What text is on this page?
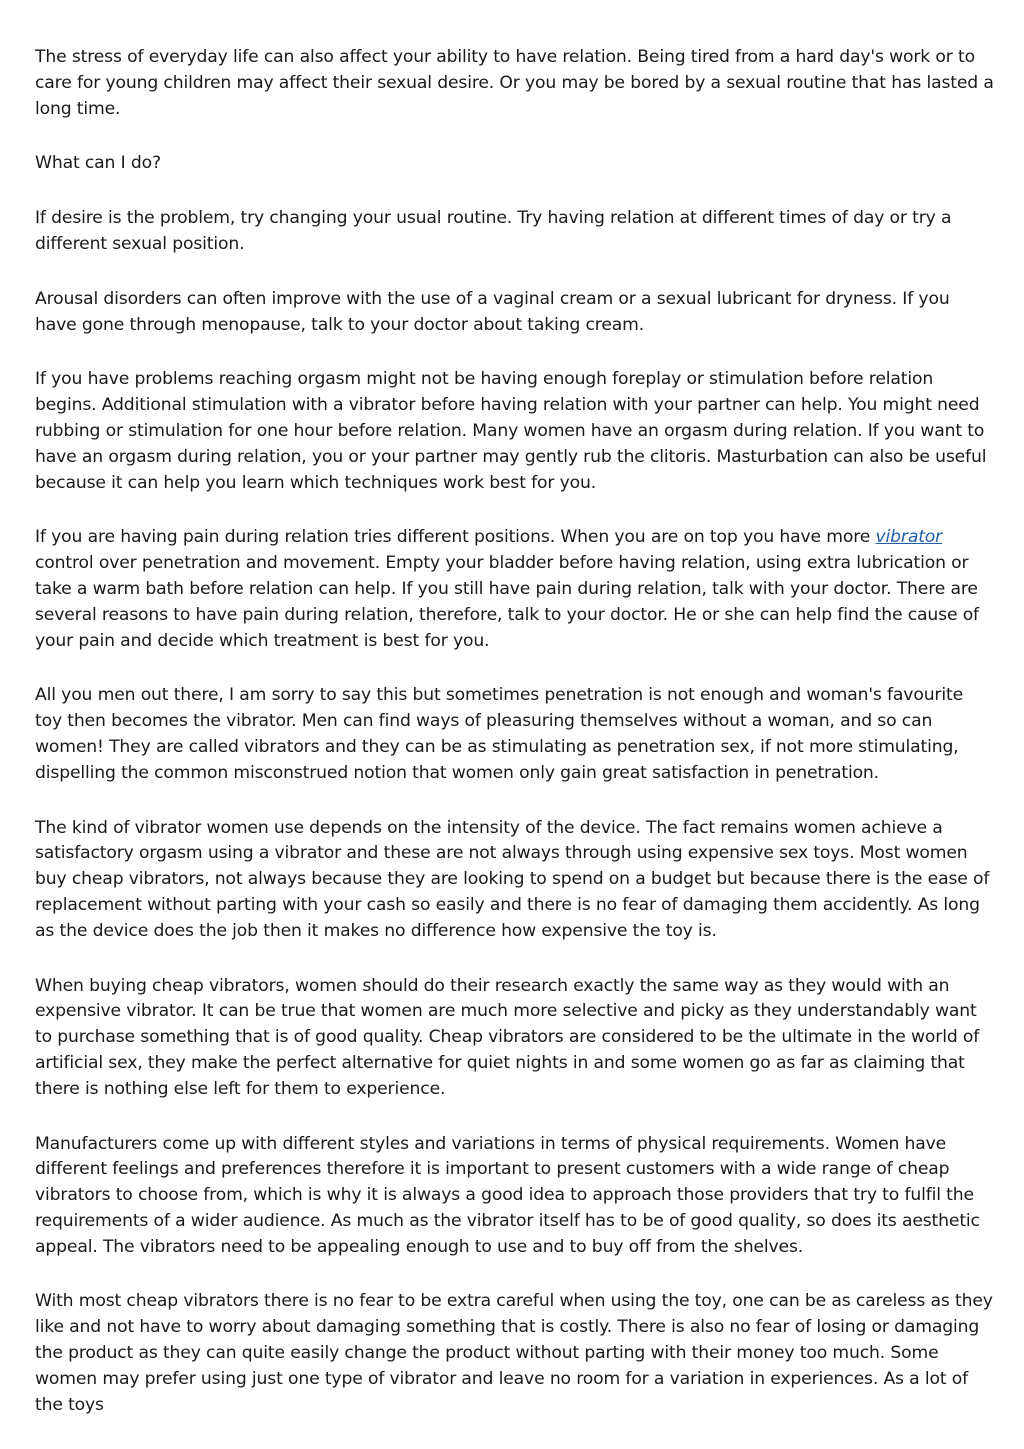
The stress of everyday life can also affect your ability to have relation. Being tired from a hard day's work or to care for young children may affect their sexual desire. Or you may be bored by a sexual routine that has lasted a long time.

What can I do?

If desire is the problem, try changing your usual routine. Try having relation at different times of day or try a different sexual position.

Arousal disorders can often improve with the use of a vaginal cream or a sexual lubricant for dryness. If you have gone through menopause, talk to your doctor about taking cream.

If you have problems reaching orgasm might not be having enough foreplay or stimulation before relation begins. Additional stimulation with a vibrator before having relation with your partner can help. You might need rubbing or stimulation for one hour before relation. Many women have an orgasm during relation. If you want to have an orgasm during relation, you or your partner may gently rub the clitoris. Masturbation can also be useful because it can help you learn which techniques work best for you.

If you are having pain during relation tries different positions. When you are on top you have more vibrator control over penetration and movement. Empty your bladder before having relation, using extra lubrication or take a warm bath before relation can help. If you still have pain during relation, talk with your doctor. There are several reasons to have pain during relation, therefore, talk to your doctor. He or she can help find the cause of your pain and decide which treatment is best for you.

All you men out there, I am sorry to say this but sometimes penetration is not enough and woman's favourite toy then becomes the vibrator. Men can find ways of pleasuring themselves without a woman, and so can women! They are called vibrators and they can be as stimulating as penetration sex, if not more stimulating, dispelling the common misconstrued notion that women only gain great satisfaction in penetration.

The kind of vibrator women use depends on the intensity of the device. The fact remains women achieve a satisfactory orgasm using a vibrator and these are not always through using expensive sex toys. Most women buy cheap vibrators, not always because they are looking to spend on a budget but because there is the ease of replacement without parting with your cash so easily and there is no fear of damaging them accidently. As long as the device does the job then it makes no difference how expensive the toy is.

When buying cheap vibrators, women should do their research exactly the same way as they would with an expensive vibrator. It can be true that women are much more selective and picky as they understandably want to purchase something that is of good quality. Cheap vibrators are considered to be the ultimate in the world of artificial sex, they make the perfect alternative for quiet nights in and some women go as far as claiming that there is nothing else left for them to experience.

Manufacturers come up with different styles and variations in terms of physical requirements. Women have different feelings and preferences therefore it is important to present customers with a wide range of cheap vibrators to choose from, which is why it is always a good idea to approach those providers that try to fulfil the requirements of a wider audience. As much as the vibrator itself has to be of good quality, so does its aesthetic appeal. The vibrators need to be appealing enough to use and to buy off from the shelves.

With most cheap vibrators there is no fear to be extra careful when using the toy, one can be as careless as they like and not have to worry about damaging something that is costly. There is also no fear of losing or damaging the product as they can quite easily change the product without parting with their money too much. Some women may prefer using just one type of vibrator and leave no room for a variation in experiences. As a lot of the toys
